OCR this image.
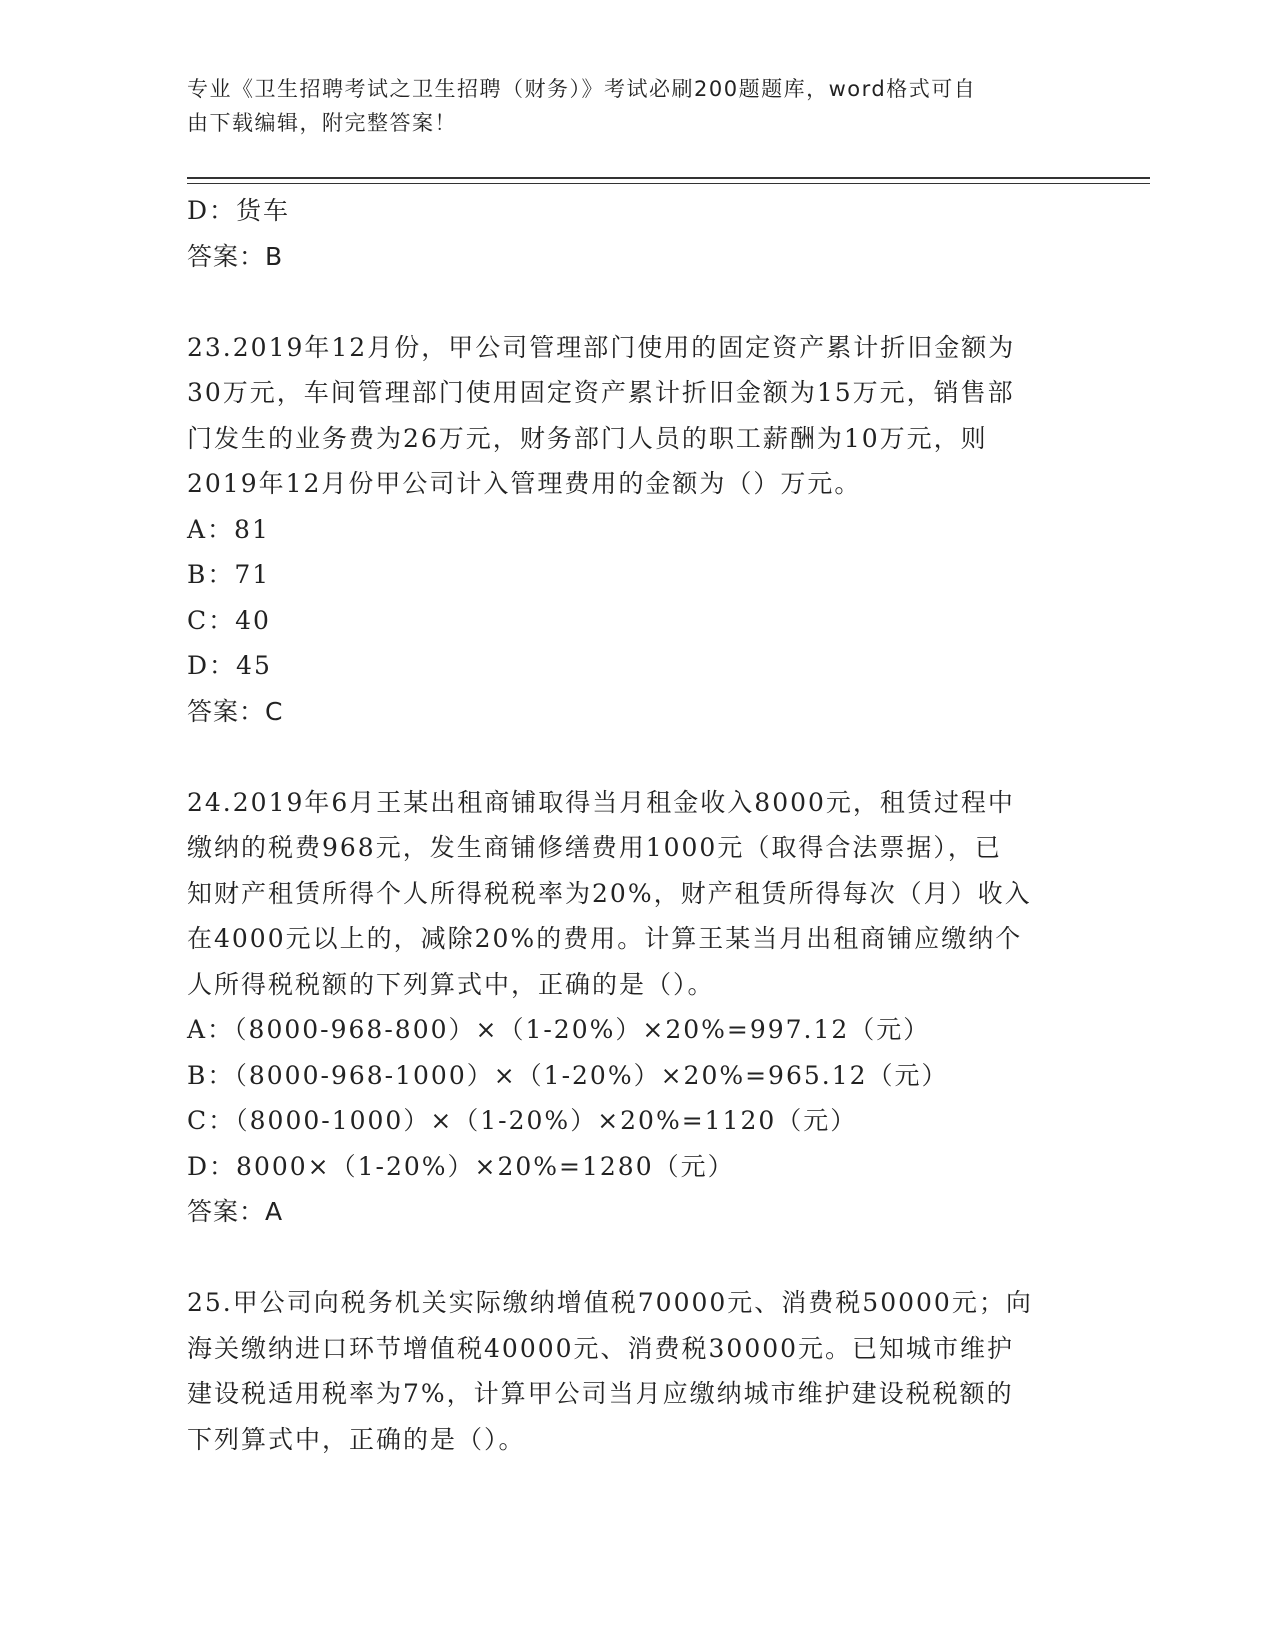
专业《卫生招聘考试之卫生招聘（财务）》考试必刷200题题库，word格式可自
由下载编辑，附完整答案！
D：货车
答案：B
23.2019年12月份，甲公司管理部门使用的固定资产累计折旧金额为
30万元，车间管理部门使用固定资产累计折旧金额为15万元，销售部
门发生的业务费为26万元，财务部门人员的职工薪酬为10万元，则
2019年12月份甲公司计入管理费用的金额为（）万元。
A：81
B：71
C：40
D：45
答案：C
24.2019年6月王某出租商铺取得当月租金收入8000元，租赁过程中
缴纳的税费968元，发生商铺修缮费用1000元（取得合法票据），已
知财产租赁所得个人所得税税率为20%，财产租赁所得每次（月）收入
在4000元以上的，减除20%的费用。计算王某当月出租商铺应缴纳个
人所得税税额的下列算式中，正确的是（）。
A：（8000-968-800）×（1-20%）×20%=997.12（元）
B：（8000-968-1000）×（1-20%）×20%=965.12（元）
C：（8000-1000）×（1-20%）×20%=1120（元）
D：8000×（1-20%）×20%=1280（元）
答案：A
25.甲公司向税务机关实际缴纳增值税70000元、消费税50000元；向
海关缴纳进口环节增值税40000元、消费税30000元。已知城市维护
建设税适用税率为7%，计算甲公司当月应缴纳城市维护建设税税额的
下列算式中，正确的是（）。
